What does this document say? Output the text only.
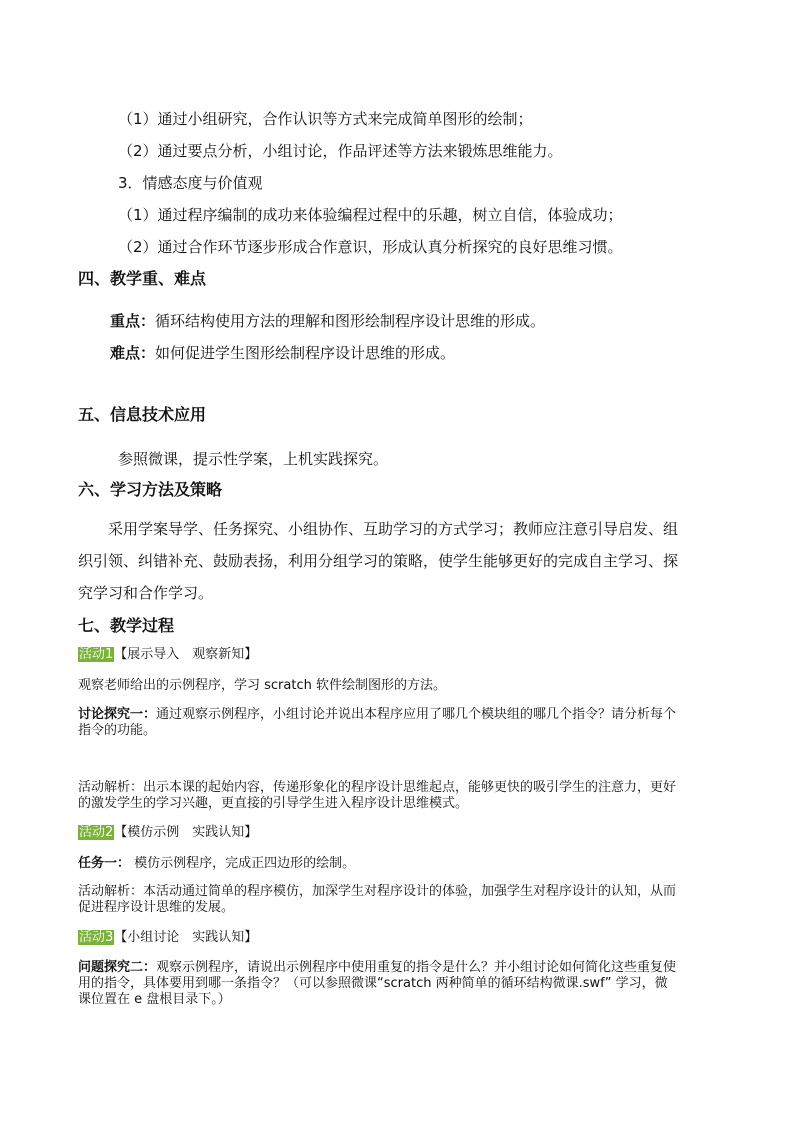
（1）通过小组研究，合作认识等方式来完成简单图形的绘制；
（2）通过要点分析，小组讨论，作品评述等方法来锻炼思维能力。
3．情感态度与价值观
（1）通过程序编制的成功来体验编程过程中的乐趣，树立自信，体验成功；
（2）通过合作环节逐步形成合作意识，形成认真分析探究的良好思维习惯。
四、教学重、难点
重点：循环结构使用方法的理解和图形绘制程序设计思维的形成。
难点：如何促进学生图形绘制程序设计思维的形成。
五、信息技术应用
参照微课，提示性学案，上机实践探究。
六、学习方法及策略
采用学案导学、任务探究、小组协作、互助学习的方式学习；教师应注意引导启发、组
织引领、纠错补充、鼓励表扬，利用分组学习的策略，使学生能够更好的完成自主学习、探
究学习和合作学习。
七、教学过程
活动1【展示导入　观察新知】
观察老师给出的示例程序，学习 scratch 软件绘制图形的方法。
讨论探究一：通过观察示例程序，小组讨论并说出本程序应用了哪几个模块组的哪几个指令？请分析每个
指令的功能。
活动解析：出示本课的起始内容，传递形象化的程序设计思维起点，能够更快的吸引学生的注意力，更好
的激发学生的学习兴趣，更直接的引导学生进入程序设计思维模式。
活动2【模仿示例　实践认知】
任务一： 模仿示例程序，完成正四边形的绘制。
活动解析：本活动通过简单的程序模仿，加深学生对程序设计的体验，加强学生对程序设计的认知，从而
促进程序设计思维的发展。
活动3【小组讨论　实践认知】
问题探究二：观察示例程序，请说出示例程序中使用重复的指令是什么？并小组讨论如何简化这些重复使
用的指令，具体要用到哪一条指令？（可以参照微课“scratch 两种简单的循环结构微课.swf” 学习，微
课位置在 e 盘根目录下。）
